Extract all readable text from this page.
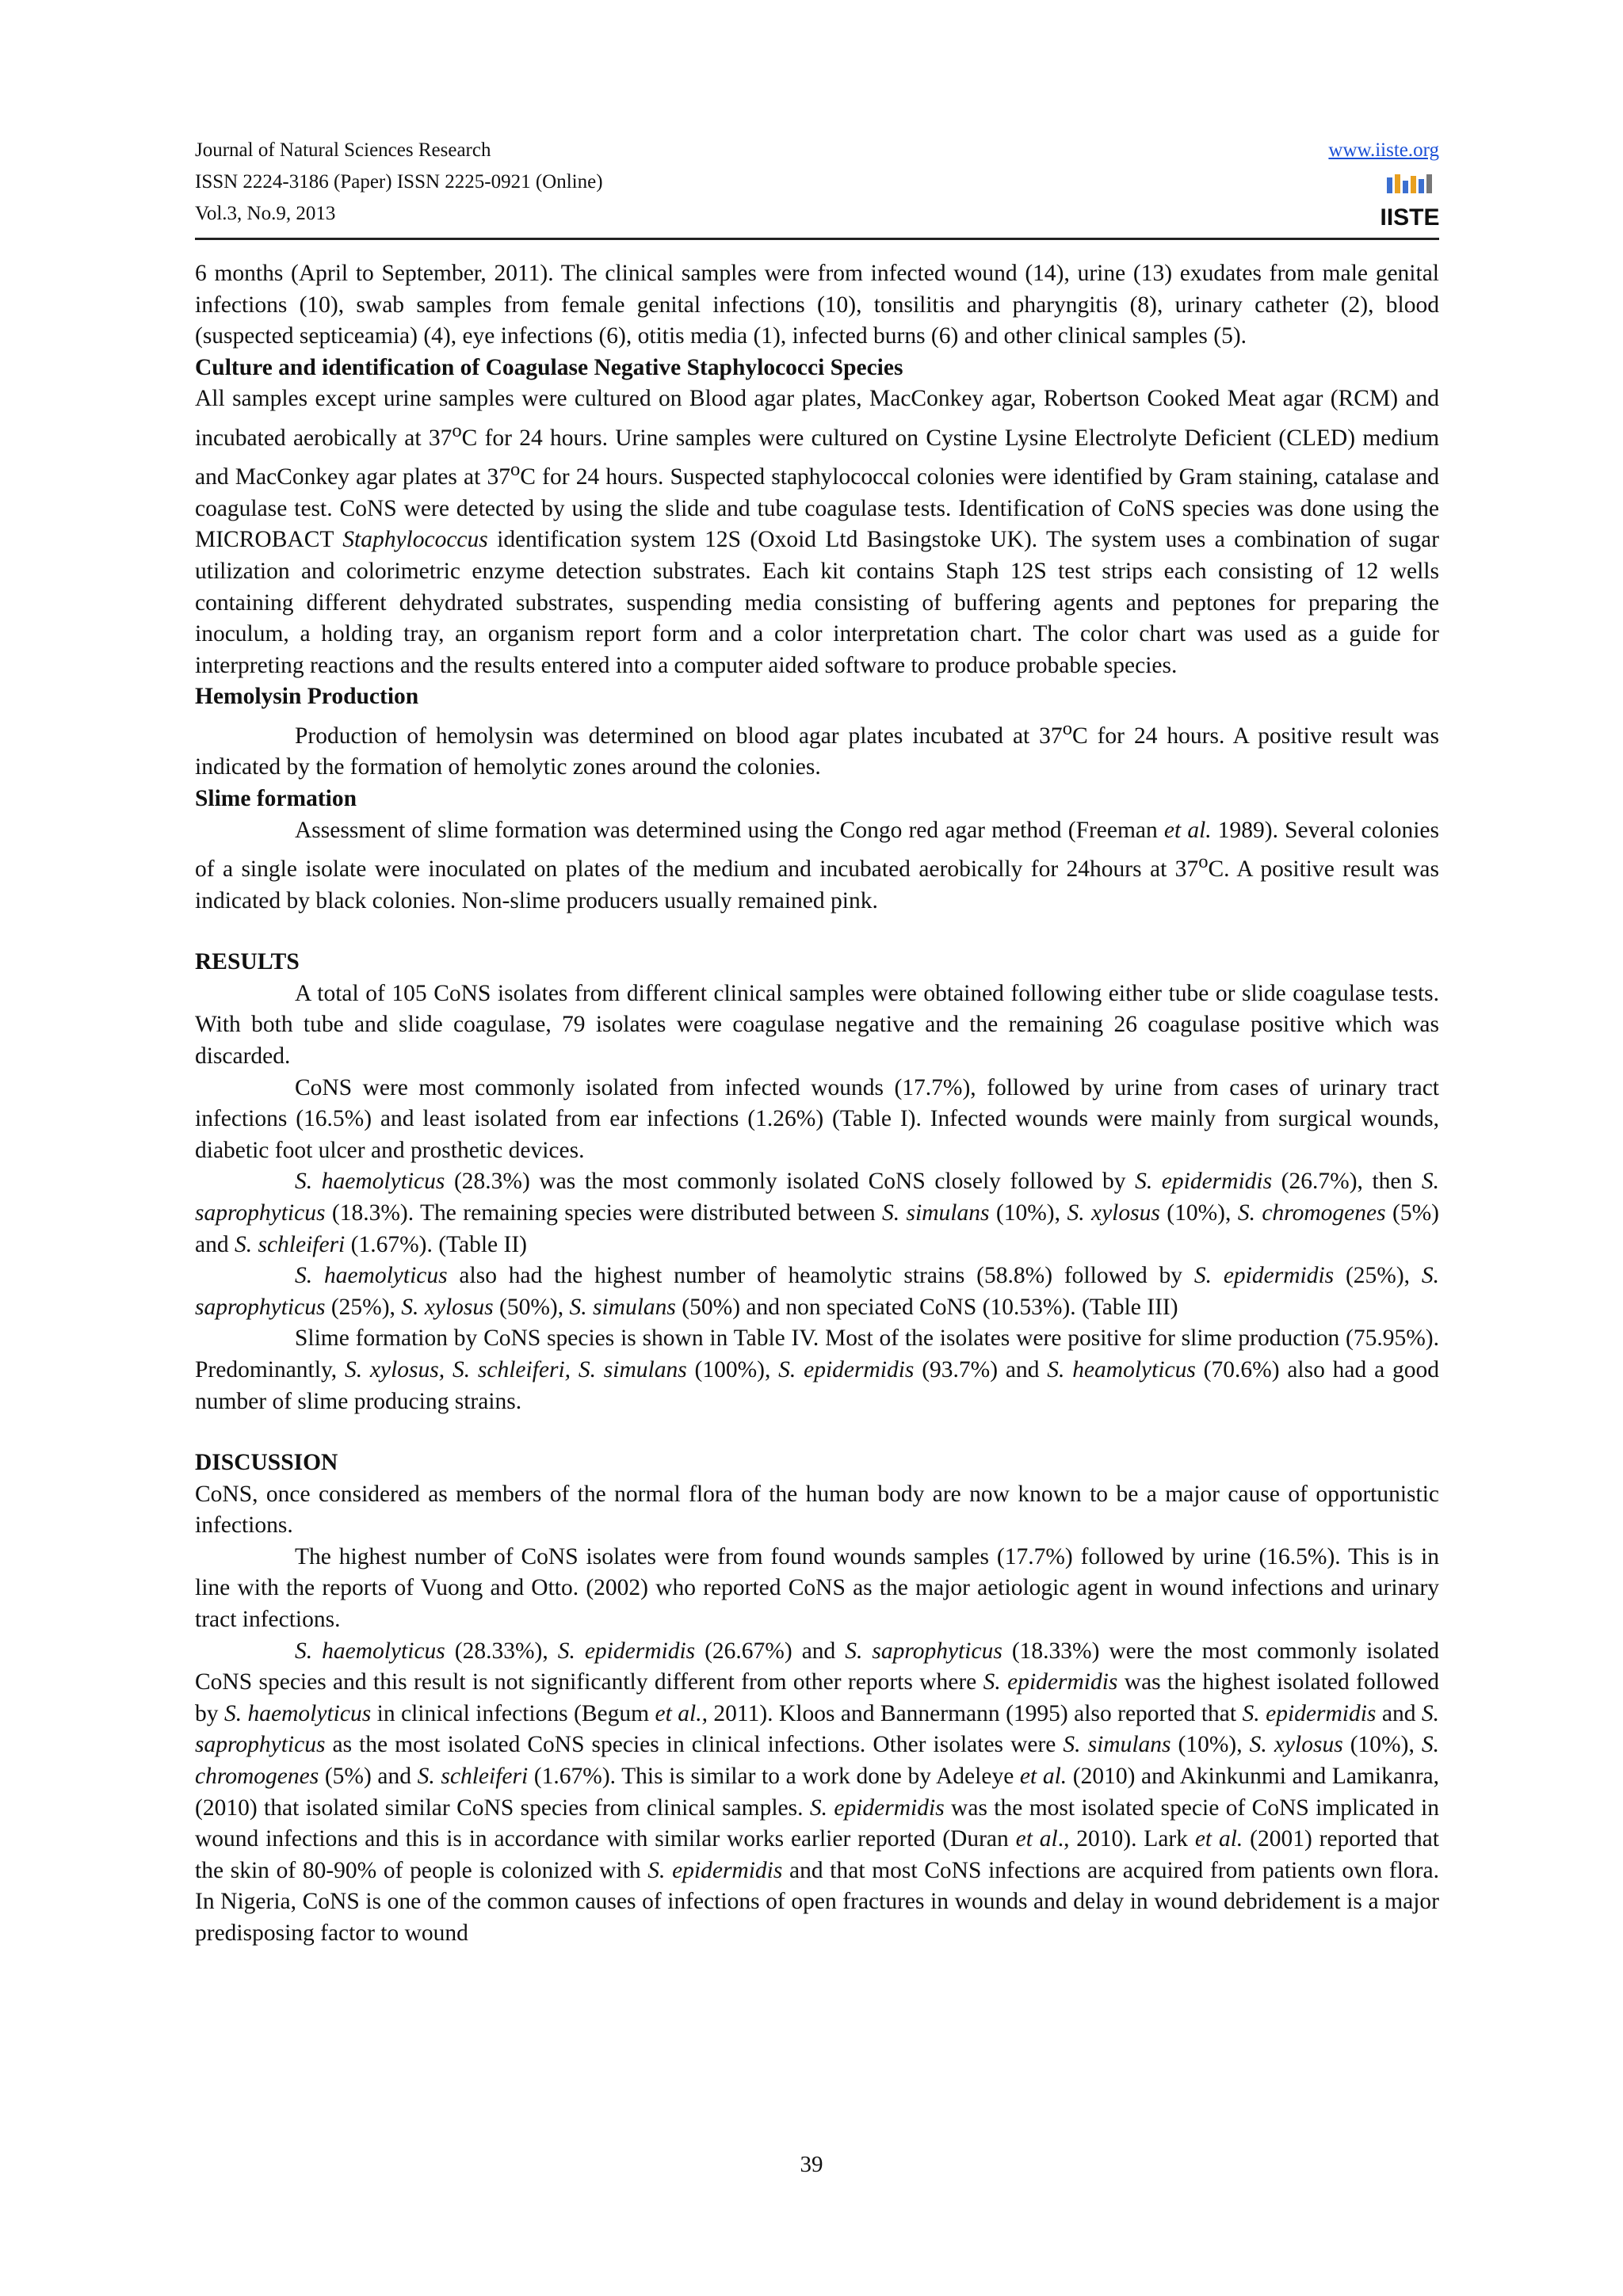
Journal of Natural Sciences Research
ISSN 2224-3186 (Paper) ISSN 2225-0921 (Online)
Vol.3, No.9, 2013
www.iiste.org
IISTE

6 months (April to September, 2011). The clinical samples were from infected wound (14), urine (13) exudates from male genital infections (10), swab samples from female genital infections (10), tonsilitis and pharyngitis (8), urinary catheter (2), blood (suspected septiceamia) (4), eye infections (6), otitis media (1), infected burns (6) and other clinical samples (5).

Culture and identification of Coagulase Negative Staphylococci Species

All samples except urine samples were cultured on Blood agar plates, MacConkey agar, Robertson Cooked Meat agar (RCM) and incubated aerobically at 37$^o$C for 24 hours. Urine samples were cultured on Cystine Lysine Electrolyte Deficient (CLED) medium and MacConkey agar plates at 37$^o$C for 24 hours. Suspected staphylococcal colonies were identified by Gram staining, catalase and coagulase test. CoNS were detected by using the slide and tube coagulase tests. Identification of CoNS species was done using the MICROBACT Staphylococcus identification system 12S (Oxoid Ltd Basingstoke UK). The system uses a combination of sugar utilization and colorimetric enzyme detection substrates. Each kit contains Staph 12S test strips each consisting of 12 wells containing different dehydrated substrates, suspending media consisting of buffering agents and peptones for preparing the inoculum, a holding tray, an organism report form and a color interpretation chart. The color chart was used as a guide for interpreting reactions and the results entered into a computer aided software to produce probable species.

Hemolysin Production

Production of hemolysin was determined on blood agar plates incubated at 37$^o$C for 24 hours. A positive result was indicated by the formation of hemolytic zones around the colonies.

Slime formation

Assessment of slime formation was determined using the Congo red agar method (Freeman et al. 1989). Several colonies of a single isolate were inoculated on plates of the medium and incubated aerobically for 24hours at 37$^o$C. A positive result was indicated by black colonies. Non-slime producers usually remained pink.

RESULTS

A total of 105 CoNS isolates from different clinical samples were obtained following either tube or slide coagulase tests. With both tube and slide coagulase, 79 isolates were coagulase negative and the remaining 26 coagulase positive which was discarded.

CoNS were most commonly isolated from infected wounds (17.7%), followed by urine from cases of urinary tract infections (16.5%) and least isolated from ear infections (1.26%) (Table I). Infected wounds were mainly from surgical wounds, diabetic foot ulcer and prosthetic devices.

S. haemolyticus (28.3%) was the most commonly isolated CoNS closely followed by S. epidermidis (26.7%), then S. saprophyticus (18.3%). The remaining species were distributed between S. simulans (10%), S. xylosus (10%), S. chromogenes (5%) and S. schleiferi (1.67%). (Table II)

S. haemolyticus also had the highest number of heamolytic strains (58.8%) followed by S. epidermidis (25%), S. saprophyticus (25%), S. xylosus (50%), S. simulans (50%) and non speciated CoNS (10.53%). (Table III)

Slime formation by CoNS species is shown in Table IV. Most of the isolates were positive for slime production (75.95%). Predominantly, S. xylosus, S. schleiferi, S. simulans (100%), S. epidermidis (93.7%) and S. heamolyticus (70.6%) also had a good number of slime producing strains.

DISCUSSION

CoNS, once considered as members of the normal flora of the human body are now known to be a major cause of opportunistic infections.

The highest number of CoNS isolates were from found wounds samples (17.7%) followed by urine (16.5%). This is in line with the reports of Vuong and Otto. (2002) who reported CoNS as the major aetiologic agent in wound infections and urinary tract infections.

S. haemolyticus (28.33%), S. epidermidis (26.67%) and S. saprophyticus (18.33%) were the most commonly isolated CoNS species and this result is not significantly different from other reports where S. epidermidis was the highest isolated followed by S. haemolyticus in clinical infections (Begum et al., 2011). Kloos and Bannermann (1995) also reported that S. epidermidis and S. saprophyticus as the most isolated CoNS species in clinical infections. Other isolates were S. simulans (10%), S. xylosus (10%), S. chromogenes (5%) and S. schleiferi (1.67%). This is similar to a work done by Adeleye et al. (2010) and Akinkunmi and Lamikanra, (2010) that isolated similar CoNS species from clinical samples. S. epidermidis was the most isolated specie of CoNS implicated in wound infections and this is in accordance with similar works earlier reported (Duran et al., 2010). Lark et al. (2001) reported that the skin of 80-90% of people is colonized with S. epidermidis and that most CoNS infections are acquired from patients own flora. In Nigeria, CoNS is one of the common causes of infections of open fractures in wounds and delay in wound debridement is a major predisposing factor to wound

39
